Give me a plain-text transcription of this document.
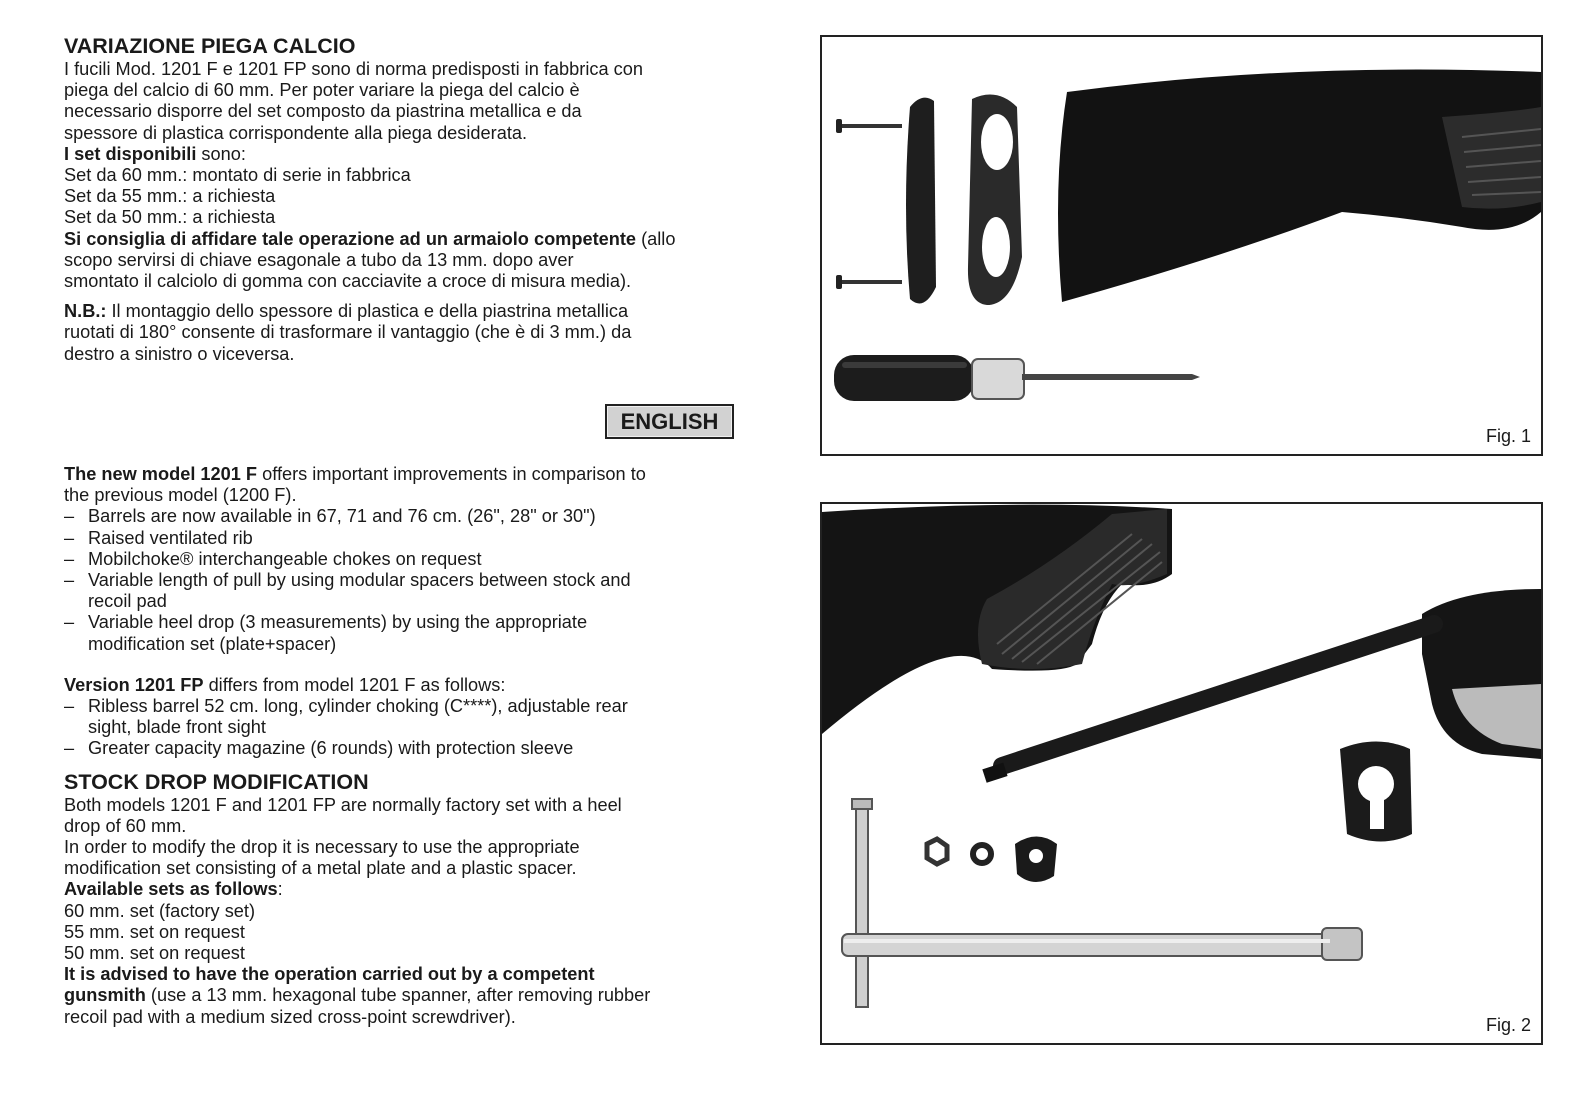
VARIAZIONE PIEGA CALCIO

I fucili Mod. 1201 F e 1201 FP sono di norma predisposti in fabbrica con

piega del calcio di 60 mm. Per poter variare la piega del calcio è

necessario disporre del set composto da piastrina metallica e da

spessore di plastica corrispondente alla piega desiderata.

I set disponibili sono:

Set da 60 mm.: montato di serie in fabbrica

Set da 55 mm.: a richiesta

Set da 50 mm.: a richiesta

Si consiglia di affidare tale operazione ad un armaiolo competente (allo

scopo servirsi di chiave esagonale a tubo da 13 mm. dopo aver

smontato il calciolo di gomma con cacciavite a croce di misura media).

N.B.: Il montaggio dello spessore di plastica e della piastrina metallica

ruotati di 180° consente di trasformare il vantaggio (che è di 3 mm.) da

destro a sinistro o viceversa.

ENGLISH

The new model 1201 F offers important improvements in comparison to

the previous model (1200 F).

– Barrels are now available in 67, 71 and 76 cm. (26", 28" or 30")

– Raised ventilated rib

– Mobilchoke® interchangeable chokes on request

– Variable length of pull by using modular spacers between stock and

recoil pad

– Variable heel drop (3 measurements) by using the appropriate

modification set (plate+spacer)

Version 1201 FP differs from model 1201 F as follows:

– Ribless barrel 52 cm. long, cylinder choking (C****), adjustable rear

sight, blade front sight

– Greater capacity magazine (6 rounds) with protection sleeve

STOCK DROP MODIFICATION

Both models 1201 F and 1201 FP are normally factory set with a heel

drop of 60 mm.

In order to modify the drop it is necessary to use the appropriate

modification set consisting of a metal plate and a plastic spacer.

Available sets as follows:

60 mm. set (factory set)

55 mm. set on request

50 mm. set on request

It is advised to have the operation carried out by a competent

gunsmith (use a 13 mm. hexagonal tube spanner, after removing rubber

recoil pad with a medium sized cross-point screwdriver).

Fig. 1
Fig. 2
